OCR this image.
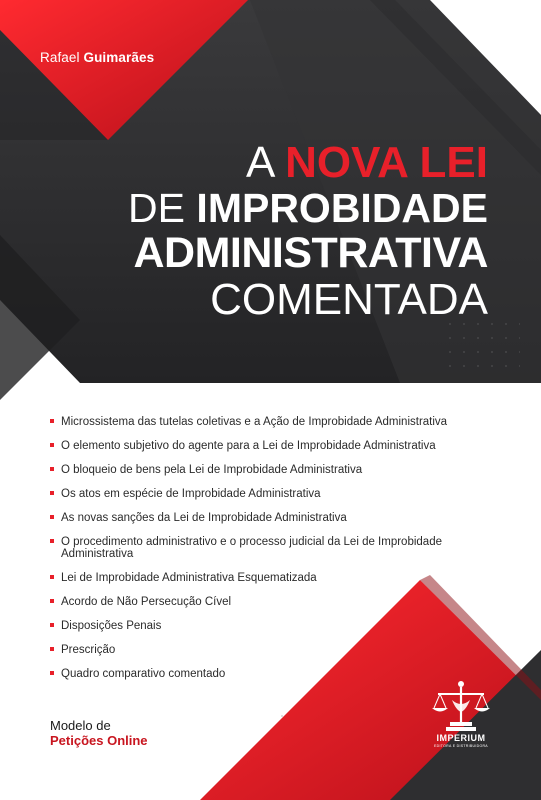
Rafael Guimarães
A NOVA LEI
DE IMPROBIDADE
ADMINISTRATIVA
COMENTADA
Microssistema das tutelas coletivas e a Ação de Improbidade Administrativa
O elemento subjetivo do agente para a Lei de Improbidade Administrativa
O bloqueio de bens pela Lei de Improbidade Administrativa
Os atos em espécie de Improbidade Administrativa
As novas sanções da Lei de Improbidade Administrativa
O procedimento administrativo e o processo judicial da Lei de Improbidade Administrativa
Lei de Improbidade Administrativa Esquematizada
Acordo de Não Persecução Cível
Disposições Penais
Prescrição
Quadro comparativo comentado
Modelo de
Petições Online	IMPERIUM
EDITORA E DISTRIBUIDORA
